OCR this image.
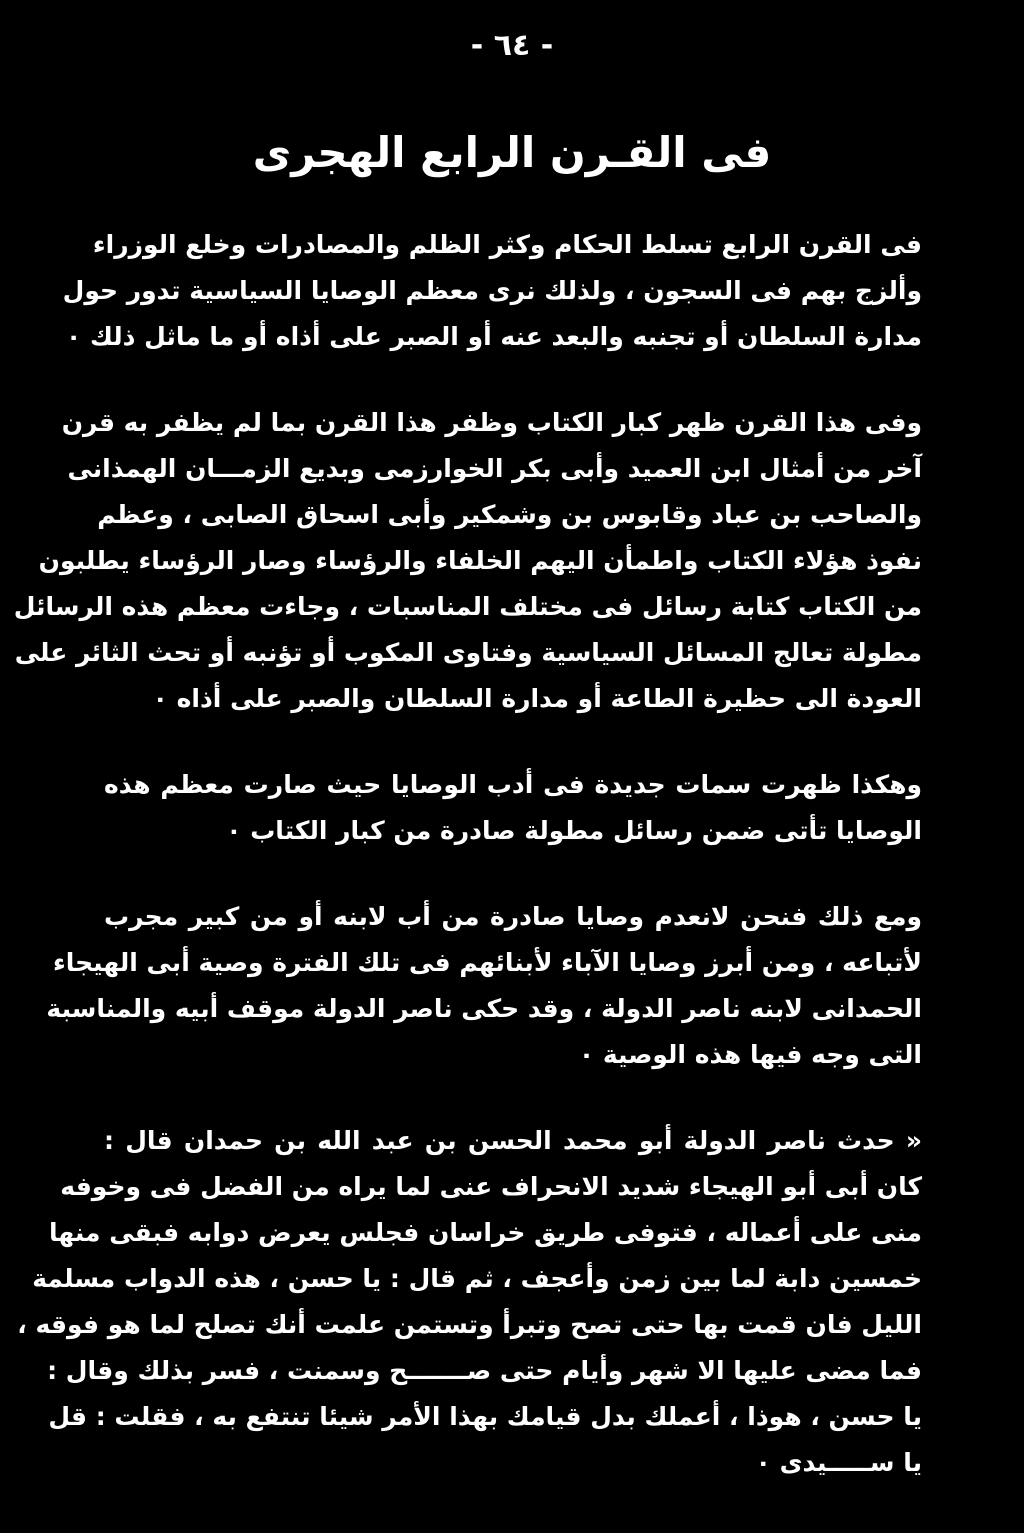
- ٦٤ -
فى القـرن الرابع الهجرى
فى القرن الرابع تسلط الحكام وكثر الظلم والمصادرات وخلع الوزراء
وألزج بهم فى السجون ، ولذلك نرى معظم الوصايا السياسية تدور حول
مدارة السلطان أو تجنبه والبعد عنه أو الصبر على أذاه أو ما ماثل ذلك ٠
وفى هذا القرن ظهر كبار الكتاب وظفر هذا القرن بما لم يظفر به قرن
آخر من أمثال ابن العميد وأبى بكر الخوارزمى وبديع الزمـــان الهمذانى
والصاحب بن عباد وقابوس بن وشمكير وأبى اسحاق الصابى ، وعظم
نفوذ هؤلاء الكتاب واطمأن اليهم الخلفاء والرؤساء وصار الرؤساء يطلبون
من الكتاب كتابة رسائل فى مختلف المناسبات ، وجاءت معظم هذه الرسائل
مطولة تعالج المسائل السياسية وفتاوى المكوب أو تؤنبه أو تحث الثائر على
العودة الى حظيرة الطاعة أو مدارة السلطان والصبر على أذاه ٠
وهكذا ظهرت سمات جديدة فى أدب الوصايا حيث صارت معظم هذه
الوصايا تأتى ضمن رسائل مطولة صادرة من كبار الكتاب ٠
ومع ذلك فنحن لانعدم وصايا صادرة من أب لابنه أو من كبير مجرب
لأتباعه ، ومن أبرز وصايا الآباء لأبنائهم فى تلك الفترة وصية أبى الهيجاء
الحمدانى لابنه ناصر الدولة ، وقد حكى ناصر الدولة موقف أبيه والمناسبة
التى وجه فيها هذه الوصية ٠
« حدث ناصر الدولة أبو محمد الحسن بن عبد الله بن حمدان قال :
كان أبى أبو الهيجاء شديد الانحراف عنى لما يراه من الفضل فى وخوفه
منى على أعماله ، فتوفى طريق خراسان فجلس يعرض دوابه فبقى منها
خمسين دابة لما بين زمن وأعجف ، ثم قال : يا حسن ، هذه الدواب مسلمة
الليل فان قمت بها حتى تصح وتبرأ وتستمن علمت أنك تصلح لما هو فوقه ،
فما مضى عليها الا شهر وأيام حتى صـــــــح وسمنت ، فسر بذلك وقال :
يا حسن ، هوذا ، أعملك بدل قيامك بهذا الأمر شيئا تنتفع به ، فقلت : قل
يا ســـــيدى ٠
